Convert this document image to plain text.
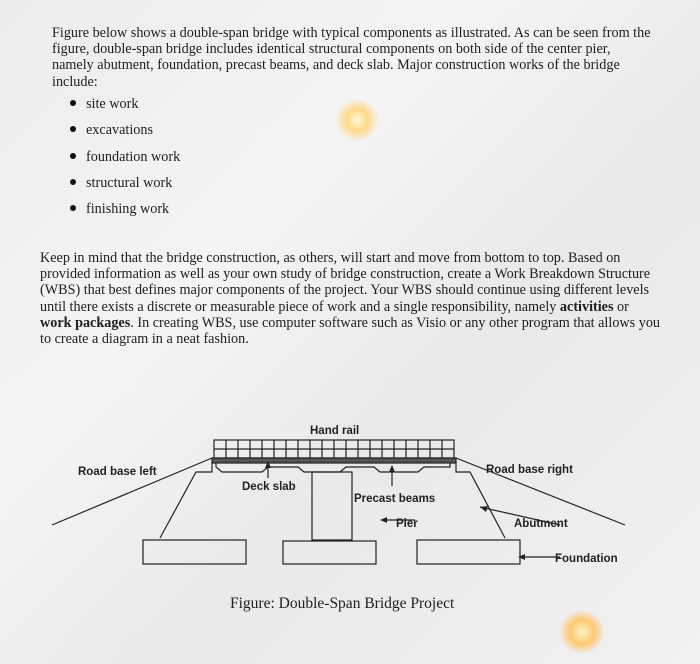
Figure below shows a double-span bridge with typical components as illustrated. As can be seen from the figure, double-span bridge includes identical structural components on both side of the center pier, namely abutment, foundation, precast beams, and deck slab. Major construction works of the bridge include:

site work
excavations
foundation work
structural work
finishing work

Keep in mind that the bridge construction, as others, will start and move from bottom to top. Based on provided information as well as your own study of bridge construction, create a Work Breakdown Structure (WBS) that best defines major components of the project. Your WBS should continue using different levels until there exists a discrete or measurable piece of work and a single responsibility, namely activities or work packages. In creating WBS, use computer software such as Visio or any other program that allows you to create a diagram in a neat fashion.

Hand rail
Road base left	Road base right
Deck slab
Precast beams
Pier	Abutment
Foundation

Figure: Double-Span Bridge Project
